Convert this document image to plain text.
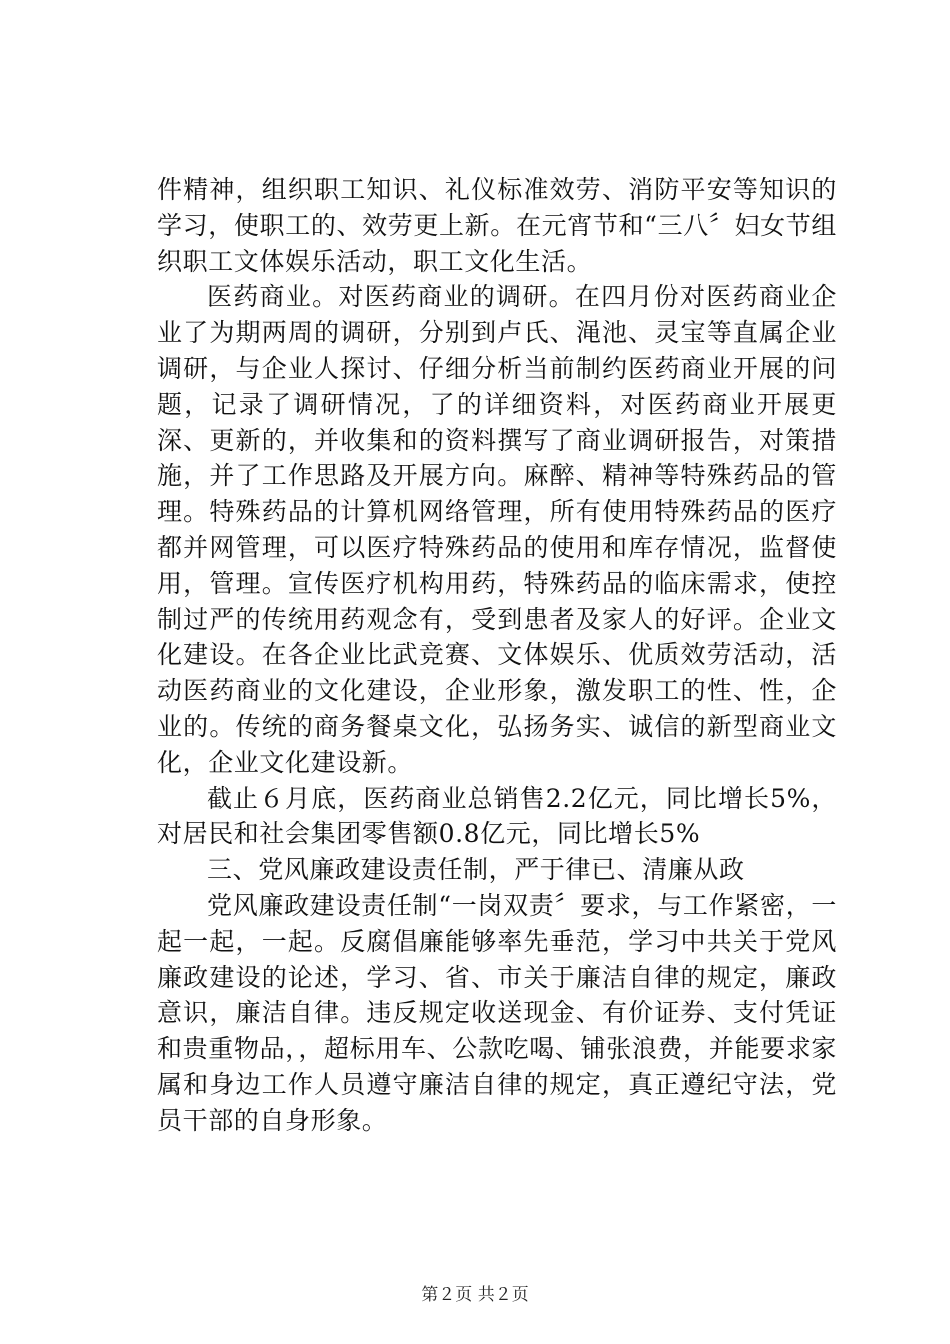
件精神，组织职工知识、礼仪标准效劳、消防平安等知识的学习，使职工的、效劳更上新。在元宵节和“三八〞妇女节组织职工文体娱乐活动，职工文化生活。

医药商业。对医药商业的调研。在四月份对医药商业企业了为期两周的调研，分别到卢氏、渑池、灵宝等直属企业调研，与企业人探讨、仔细分析当前制约医药商业开展的问题，记录了调研情况，了的详细资料，对医药商业开展更深、更新的，并收集和的资料撰写了商业调研报告，对策措施，并了工作思路及开展方向。麻醉、精神等特殊药品的管理。特殊药品的计算机网络管理，所有使用特殊药品的医疗都并网管理，可以医疗特殊药品的使用和库存情况，监督使用，管理。宣传医疗机构用药，特殊药品的临床需求，使控制过严的传统用药观念有，受到患者及家人的好评。企业文化建设。在各企业比武竞赛、文体娱乐、优质效劳活动，活动医药商业的文化建设，企业形象，激发职工的性、性，企业的。传统的商务餐桌文化，弘扬务实、诚信的新型商业文化，企业文化建设新。

截止６月底，医药商业总销售2.2亿元，同比增长5%，对居民和社会集团零售额0.8亿元，同比增长5%

三、党风廉政建设责任制，严于律已、清廉从政

党风廉政建设责任制“一岗双责〞要求，与工作紧密，一起一起，一起。反腐倡廉能够率先垂范，学习中共关于党风廉政建设的论述，学习、省、市关于廉洁自律的规定，廉政意识，廉洁自律。违反规定收送现金、有价证券、支付凭证和贵重物品，，超标用车、公款吃喝、铺张浪费，并能要求家属和身边工作人员遵守廉洁自律的规定，真正遵纪守法，党员干部的自身形象。

第２页 共２页
